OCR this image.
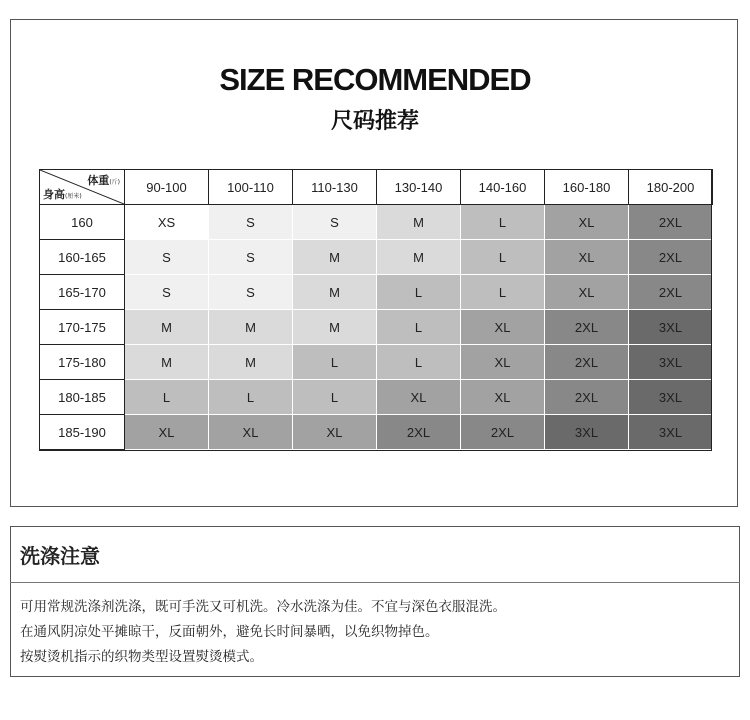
SIZE RECOMMENDED
尺码推荐
体重(斤)
身高(厘米)	90-100	100-110	110-130	130-140	140-160	160-180	180-200
160	XS	S	S	M	L	XL	2XL
160-165	S	S	M	M	L	XL	2XL
165-170	S	S	M	L	L	XL	2XL
170-175	M	M	M	L	XL	2XL	3XL
175-180	M	M	L	L	XL	2XL	3XL
180-185	L	L	L	XL	XL	2XL	3XL
185-190	XL	XL	XL	2XL	2XL	3XL	3XL
洗涤注意
可用常规洗涤剂洗涤，既可手洗又可机洗。冷水洗涤为佳。不宜与深色衣服混洗。
在通风阴凉处平摊晾干，反面朝外，避免长时间暴晒，以免织物掉色。
按熨烫机指示的织物类型设置熨烫模式。
